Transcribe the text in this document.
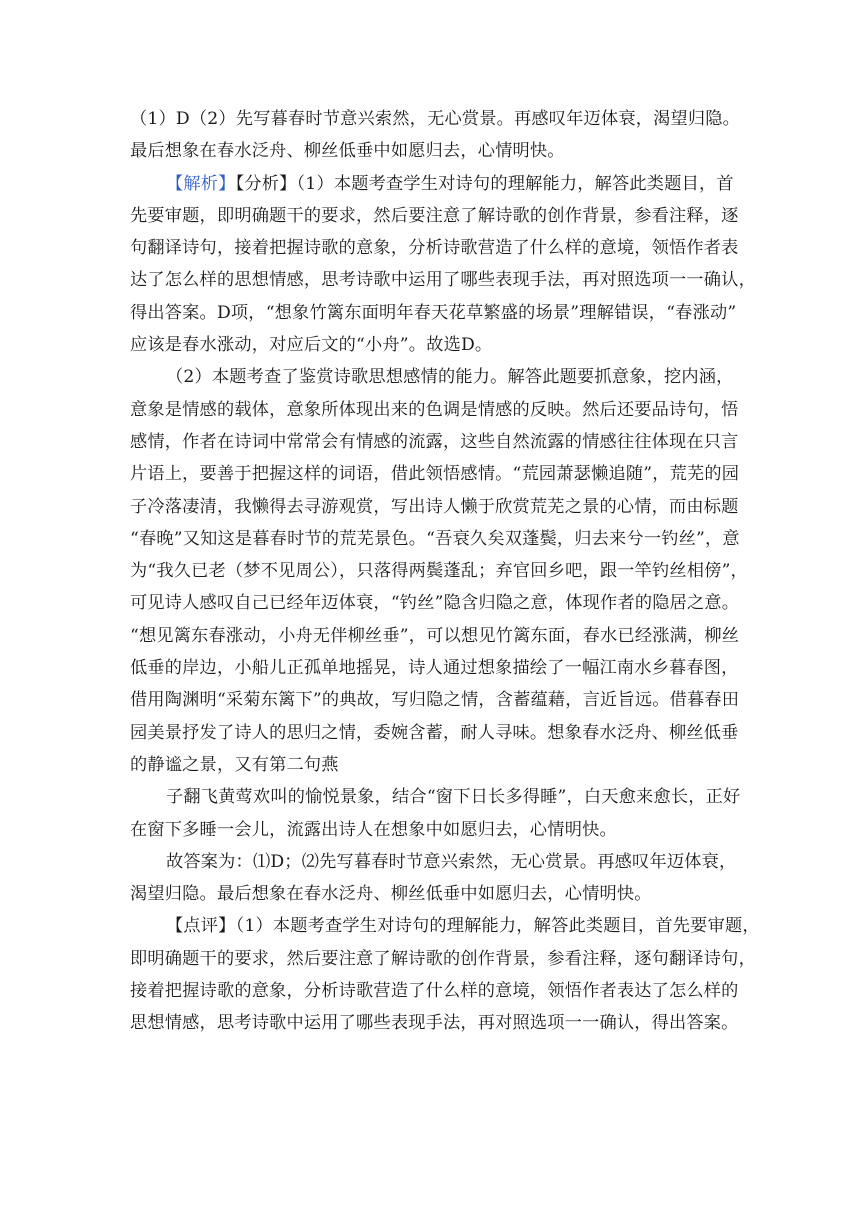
（1）D（2）先写暮春时节意兴索然，无心赏景。再感叹年迈体衰，渴望归隐。
最后想象在春水泛舟、柳丝低垂中如愿归去，心情明快。
【解析】【分析】（1）本题考查学生对诗句的理解能力，解答此类题目，首
先要审题，即明确题干的要求，然后要注意了解诗歌的创作背景，参看注释，逐
句翻译诗句，接着把握诗歌的意象，分析诗歌营造了什么样的意境，领悟作者表
达了怎么样的思想情感，思考诗歌中运用了哪些表现手法，再对照选项一一确认，
得出答案。D项，“想象竹篱东面明年春天花草繁盛的场景”理解错误，“春涨动”
应该是春水涨动，对应后文的“小舟”。故选D。
（2）本题考查了鉴赏诗歌思想感情的能力。解答此题要抓意象，挖内涵，
意象是情感的载体，意象所体现出来的色调是情感的反映。然后还要品诗句，悟
感情，作者在诗词中常常会有情感的流露，这些自然流露的情感往往体现在只言
片语上，要善于把握这样的词语，借此领悟感情。“荒园萧瑟懒追随”，荒芜的园
子冷落凄清，我懒得去寻游观赏，写出诗人懒于欣赏荒芜之景的心情，而由标题
“春晚”又知这是暮春时节的荒芜景色。“吾衰久矣双蓬鬓，归去来兮一钓丝”，意
为“我久已老（梦不见周公），只落得两鬓蓬乱；弃官回乡吧，跟一竿钓丝相傍”，
可见诗人感叹自己已经年迈体衰，“钓丝”隐含归隐之意，体现作者的隐居之意。
“想见篱东春涨动，小舟无伴柳丝垂”，可以想见竹篱东面，春水已经涨满，柳丝
低垂的岸边，小船儿正孤单地摇晃，诗人通过想象描绘了一幅江南水乡暮春图，
借用陶渊明“采菊东篱下”的典故，写归隐之情，含蓄蕴藉，言近旨远。借暮春田
园美景抒发了诗人的思归之情，委婉含蓄，耐人寻味。想象春水泛舟、柳丝低垂
的静谧之景，又有第二句燕
子翻飞黄莺欢叫的愉悦景象，结合“窗下日长多得睡”，白天愈来愈长，正好
在窗下多睡一会儿，流露出诗人在想象中如愿归去，心情明快。
故答案为：⑴D；⑵先写暮春时节意兴索然，无心赏景。再感叹年迈体衰，
渴望归隐。最后想象在春水泛舟、柳丝低垂中如愿归去，心情明快。
【点评】（1）本题考查学生对诗句的理解能力，解答此类题目，首先要审题，
即明确题干的要求，然后要注意了解诗歌的创作背景，参看注释，逐句翻译诗句，
接着把握诗歌的意象，分析诗歌营造了什么样的意境，领悟作者表达了怎么样的
思想情感，思考诗歌中运用了哪些表现手法，再对照选项一一确认，得出答案。
